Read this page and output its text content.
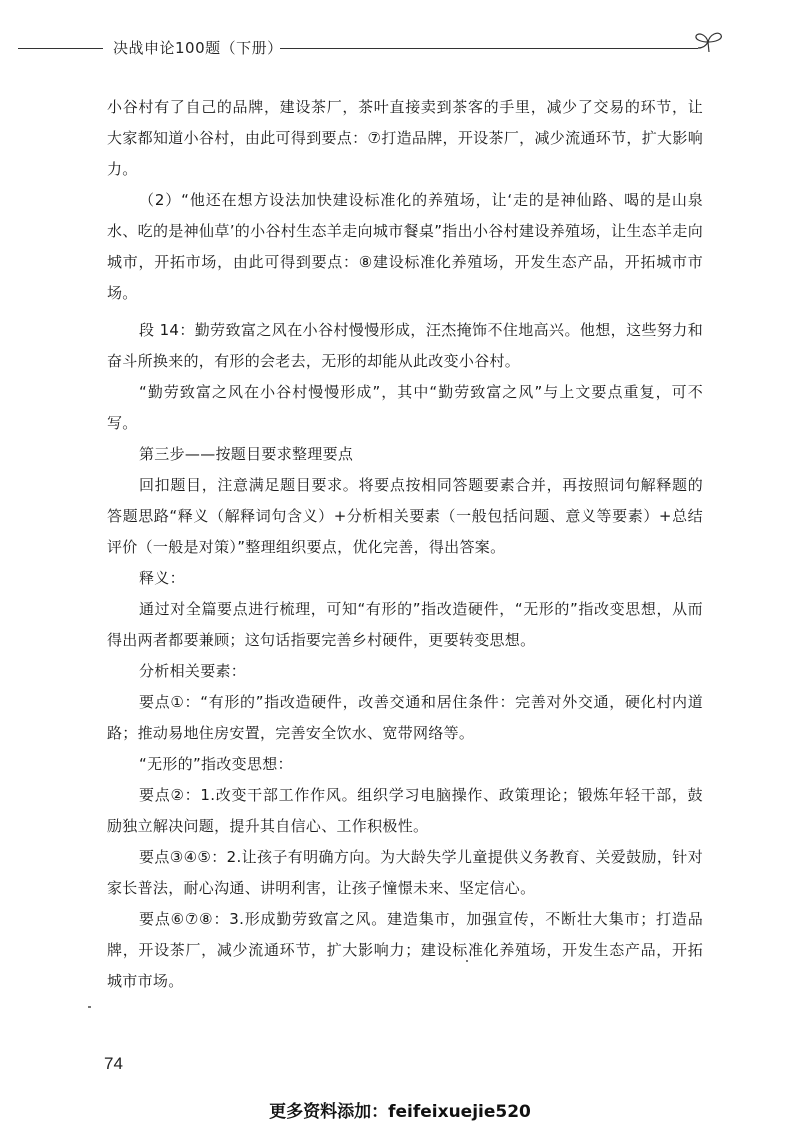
决战申论100题（下册）

小谷村有了自己的品牌，建设茶厂，茶叶直接卖到茶客的手里，减少了交易的环节，让大家都知道小谷村，由此可得到要点：⑦打造品牌，开设茶厂，减少流通环节，扩大影响力。

（2）“他还在想方设法加快建设标准化的养殖场，让‘走的是神仙路、喝的是山泉水、吃的是神仙草’的小谷村生态羊走向城市餐桌”指出小谷村建设养殖场，让生态羊走向城市，开拓市场，由此可得到要点：⑧建设标准化养殖场，开发生态产品，开拓城市市场。

段 14：勤劳致富之风在小谷村慢慢形成，汪杰掩饰不住地高兴。他想，这些努力和奋斗所换来的，有形的会老去，无形的却能从此改变小谷村。

“勤劳致富之风在小谷村慢慢形成”，其中“勤劳致富之风”与上文要点重复，可不写。

第三步——按题目要求整理要点

回扣题目，注意满足题目要求。将要点按相同答题要素合并，再按照词句解释题的答题思路“释义（解释词句含义）+分析相关要素（一般包括问题、意义等要素）+总结评价（一般是对策）”整理组织要点，优化完善，得出答案。

释义：

通过对全篇要点进行梳理，可知“有形的”指改造硬件，“无形的”指改变思想，从而得出两者都要兼顾；这句话指要完善乡村硬件，更要转变思想。

分析相关要素：

要点①：“有形的”指改造硬件，改善交通和居住条件：完善对外交通，硬化村内道路；推动易地住房安置，完善安全饮水、宽带网络等。

“无形的”指改变思想：

要点②：1.改变干部工作作风。组织学习电脑操作、政策理论；锻炼年轻干部，鼓励独立解决问题，提升其自信心、工作积极性。

要点③④⑤：2.让孩子有明确方向。为大龄失学儿童提供义务教育、关爱鼓励，针对家长普法，耐心沟通、讲明利害，让孩子憧憬未来、坚定信心。

要点⑥⑦⑧：3.形成勤劳致富之风。建造集市，加强宣传，不断壮大集市；打造品牌，开设茶厂，减少流通环节，扩大影响力；建设标准化养殖场，开发生态产品，开拓城市市场。

74
更多资料添加：feifeixuejie520
